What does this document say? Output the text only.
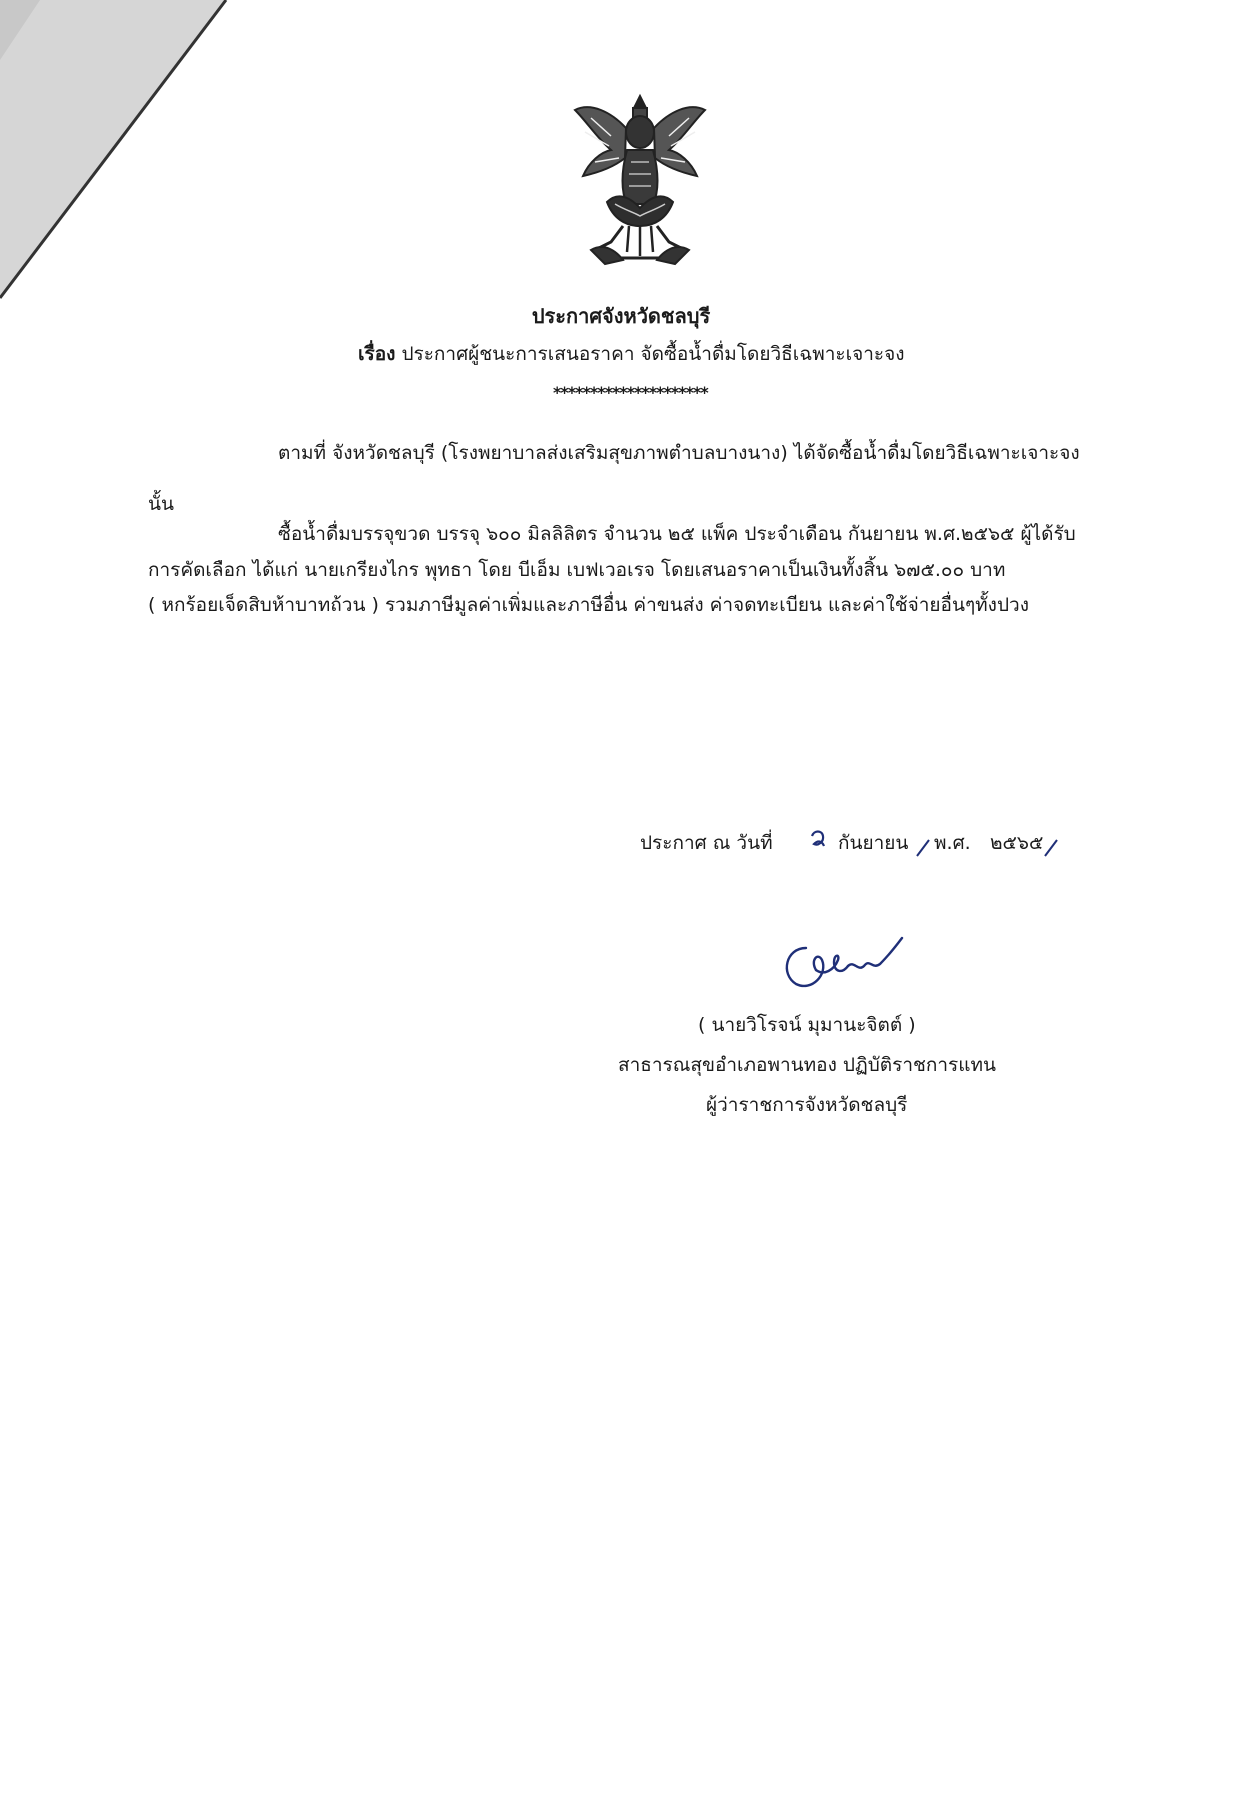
ประกาศจังหวัดชลบุรี
เรื่อง ประกาศผู้ชนะการเสนอราคา จัดซื้อน้ำดื่มโดยวิธีเฉพาะเจาะจง
*********************
ตามที่ จังหวัดชลบุรี (โรงพยาบาลส่งเสริมสุขภาพตำบลบางนาง) ได้จัดซื้อน้ำดื่มโดยวิธีเฉพาะเจาะจง
นั้น
ซื้อน้ำดื่มบรรจุขวด บรรจุ ๖๐๐ มิลลิลิตร จำนวน ๒๕ แพ็ค ประจำเดือน กันยายน พ.ศ.๒๕๖๕ ผู้ได้รับ
การคัดเลือก ได้แก่ นายเกรียงไกร พุทธา โดย บีเอ็ม เบฟเวอเรจ โดยเสนอราคาเป็นเงินทั้งสิ้น ๖๗๕.๐๐ บาท
( หกร้อยเจ็ดสิบห้าบาทถ้วน ) รวมภาษีมูลค่าเพิ่มและภาษีอื่น ค่าขนส่ง ค่าจดทะเบียน และค่าใช้จ่ายอื่นๆทั้งปวง
ประกาศ ณ วันที่	กันยายน พ.ศ. ๒๕๖๕
( นายวิโรจน์ มุมานะจิตต์ )
สาธารณสุขอำเภอพานทอง ปฏิบัติราชการแทน
ผู้ว่าราชการจังหวัดชลบุรี
